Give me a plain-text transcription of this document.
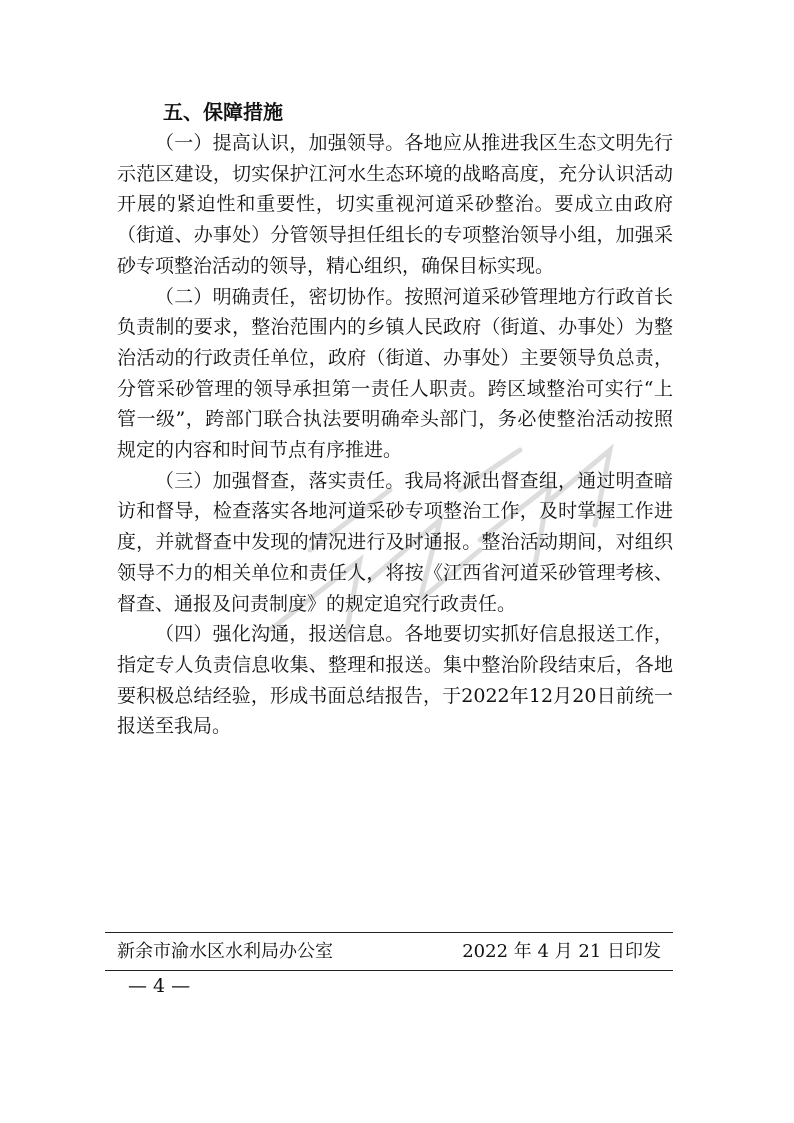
五、保障措施

（一）提高认识，加强领导。各地应从推进我区生态文明先行示范区建设，切实保护江河水生态环境的战略高度，充分认识活动开展的紧迫性和重要性，切实重视河道采砂整治。要成立由政府（街道、办事处）分管领导担任组长的专项整治领导小组，加强采砂专项整治活动的领导，精心组织，确保目标实现。

（二）明确责任，密切协作。按照河道采砂管理地方行政首长负责制的要求，整治范围内的乡镇人民政府（街道、办事处）为整治活动的行政责任单位，政府（街道、办事处）主要领导负总责，分管采砂管理的领导承担第一责任人职责。跨区域整治可实行“上管一级”，跨部门联合执法要明确牵头部门，务必使整治活动按照规定的内容和时间节点有序推进。

（三）加强督查，落实责任。我局将派出督查组，通过明查暗访和督导，检查落实各地河道采砂专项整治工作，及时掌握工作进度，并就督查中发现的情况进行及时通报。整治活动期间，对组织领导不力的相关单位和责任人，将按《江西省河道采砂管理考核、督查、通报及问责制度》的规定追究行政责任。

（四）强化沟通，报送信息。各地要切实抓好信息报送工作，指定专人负责信息收集、整理和报送。集中整治阶段结束后，各地要积极总结经验，形成书面总结报告，于2022年12月20日前统一报送至我局。

新余市渝水区水利局办公室	2022 年 4 月 21 日印发
— 4 —
